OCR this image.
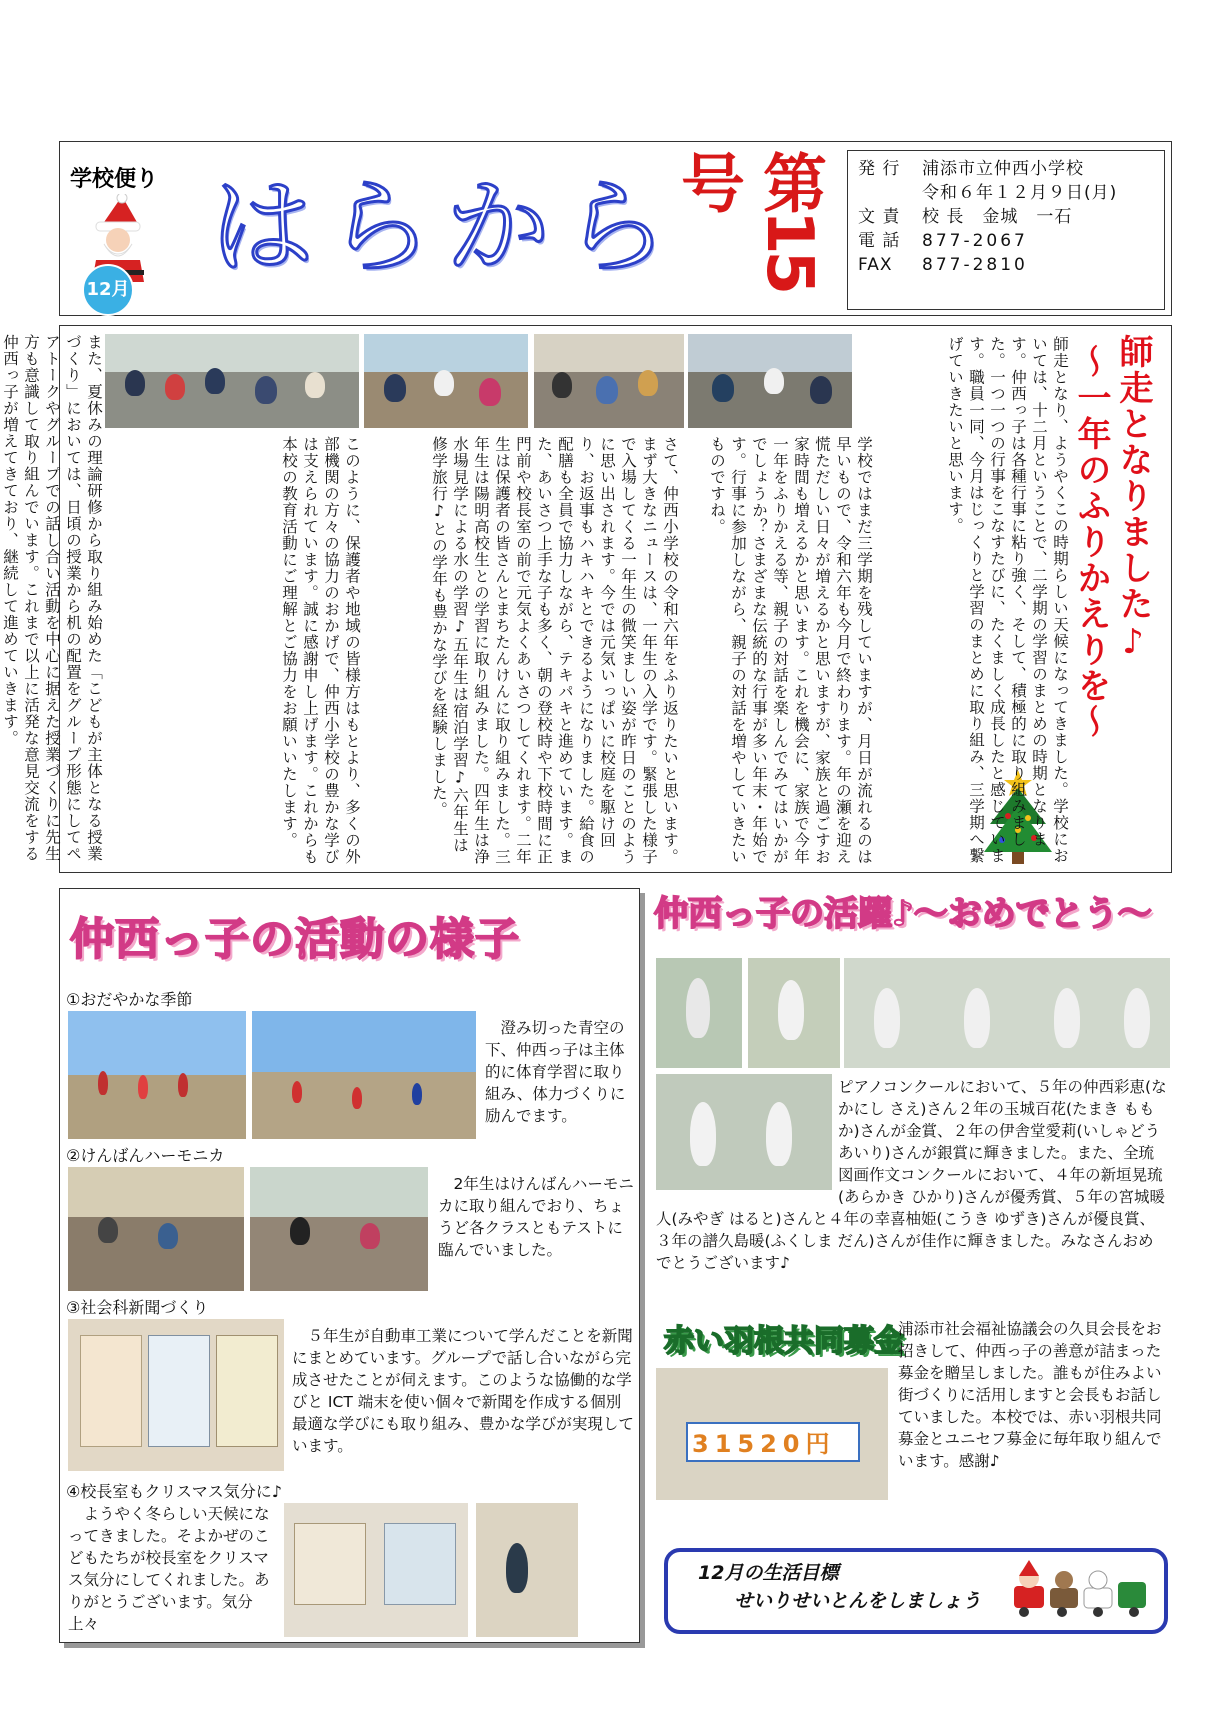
学校便り
12月
はらから	第15号	発 行 浦添市立仲西小学校
令和６年１２月９日(月)
文 責 校 長　金城　一石
電 話 877-2067
FAX 877-2810
師走となりました♪
～一年のふりかえりを～
師走となり、ようやくこの時期らしい天候になってきました。学校においては、十二月ということで、二学期の学習のまとめの時期となります。仲西っ子は各種行事に粘り強く、そして、積極的に取り組みました。一つ一つの行事をこなすたびに、たくましく成長したと感じています。職員一同、今月はじっくりと学習のまとめに取り組み、三学期へ繋げていきたいと思います。
学校ではまだ三学期を残していますが、月日が流れるのは早いもので、令和六年も今月で終わります。年の瀬を迎え慌ただしい日々が増えるかと思いますが、家族と過ごすお家時間も増えるかと思います。これを機会に、家族で今年一年をふりかえる等、親子の対話を楽しんでみてはいかがでしょうか？さまざまな伝統的な行事が多い年末・年始です。行事に参加しながら、親子の対話を増やしていきたいものですね。
さて、仲西小学校の令和六年をふり返りたいと思います。まず大きなニュースは、一年生の入学です。緊張した様子で入場してくる一年生の微笑ましい姿が昨日のことのように思い出されます。今では元気いっぱいに校庭を駆け回り、お返事もハキハキとできるようになりました。給食の配膳も全員で協力しながら、テキパキと進めています。また、あいさつ上手な子も多く、朝の登校時や下校時間に正門前や校長室の前で元気よくあいさつしてくれます。二年生は保護者の皆さんとまちたんけんに取り組みました。三年生は陽明高校生との学習に取り組みました。四年生は浄水場見学による水の学習♪五年生は宿泊学習♪六年生は修学旅行♪との学年も豊かな学びを経験しました。
このように、保護者や地域の皆様方はもとより、多くの外部機関の方々の協力のおかげで、仲西小学校の豊かな学びは支えられています。誠に感謝申し上げます。これからも本校の教育活動にご理解とご協力をお願いいたします。
また、夏休みの理論研修から取り組み始めた「こどもが主体となる授業づくり」においては、日頃の授業から机の配置をグループ形態にしてペアトークやグループでの話し合い活動を中心に据えた授業づくりに先生方も意識して取り組んでいます。これまで以上に活発な意見交流をする仲西っ子が増えてきており、継続して進めていきます。
仲西っ子の活動の様子
①おだやかな季節
澄み切った青空の下、仲西っ子は主体的に体育学習に取り組み、体力づくりに励んでます。
②けんばんハーモニカ
2年生はけんばんハーモニカに取り組んでおり、ちょうど各クラスともテストに臨んでいました。
③社会科新聞づくり
５年生が自動車工業について学んだことを新聞にまとめています。グループで話し合いながら完成させたことが伺えます。このような協働的な学びと ICT 端末を使い個々で新聞を作成する個別最適な学びにも取り組み、豊かな学びが実現しています。
④校長室もクリスマス気分に♪
ようやく冬らしい天候になってきました。そよかぜのこどもたちが校長室をクリスマス気分にしてくれました。ありがとうございます。気分上々
仲西っ子の活躍♪～おめでとう～
ピアノコンクールにおいて、５年の仲西彩恵(なかにし さえ)さん２年の玉城百花(たまき ももか)さんが金賞、２年の伊舎堂愛莉(いしゃどう あいり)さんが銀賞に輝きました。また、全琉図画作文コンクールにおいて、４年の新垣晃琉(あらかき ひかり)さんが優秀賞、５年の宮城暖人(みやぎ はると)さんと４年の幸喜柚姫(こうき ゆずき)さんが優良賞、３年の譜久島暖(ふくしま だん)さんが佳作に輝きました。みなさんおめでとうございます♪
赤い羽根共同募金
31520円
浦添市社会福祉協議会の久貝会長をお招きして、仲西っ子の善意が詰まった募金を贈呈しました。誰もが住みよい街づくりに活用しますと会長もお話していました。本校では、赤い羽根共同募金とユニセフ募金に毎年取り組んでいます。感謝♪
12月の生活目標
せいりせいとんをしましょう
